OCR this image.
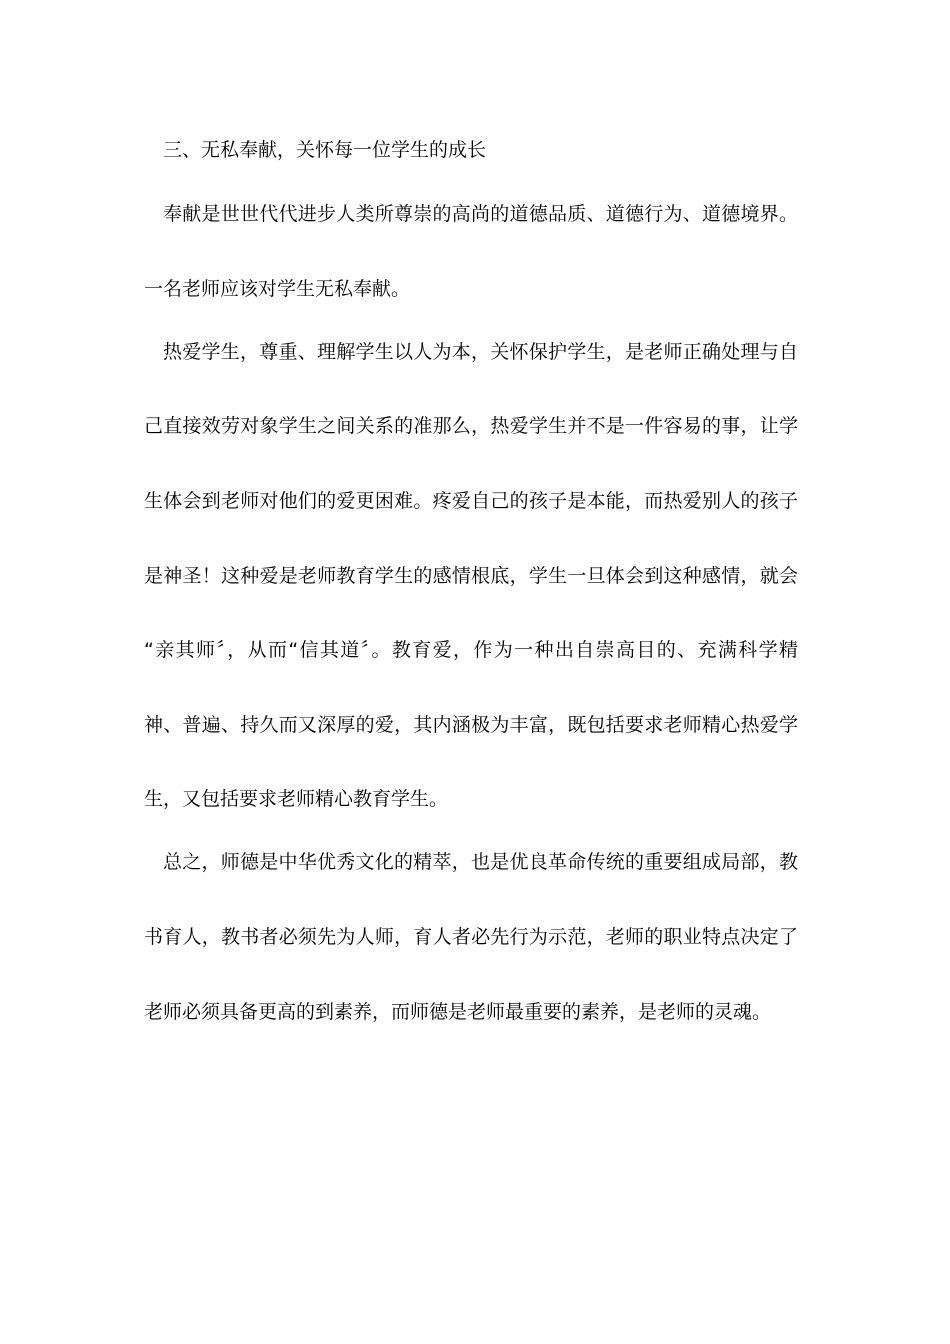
三、无私奉献，关怀每一位学生的成长
奉献是世世代代进步人类所尊崇的高尚的道德品质、道德行为、道德境界。
一名老师应该对学生无私奉献。
热爱学生，尊重、理解学生以人为本，关怀保护学生，是老师正确处理与自
己直接效劳对象学生之间关系的准那么，热爱学生并不是一件容易的事，让学
生体会到老师对他们的爱更困难。疼爱自己的孩子是本能，而热爱别人的孩子
是神圣！这种爱是老师教育学生的感情根底，学生一旦体会到这种感情，就会
“亲其师〞，从而“信其道〞。教育爱，作为一种出自崇高目的、充满科学精
神、普遍、持久而又深厚的爱，其内涵极为丰富，既包括要求老师精心热爱学
生，又包括要求老师精心教育学生。
总之，师德是中华优秀文化的精萃，也是优良革命传统的重要组成局部，教
书育人，教书者必须先为人师，育人者必先行为示范，老师的职业特点决定了
老师必须具备更高的到素养，而师德是老师最重要的素养，是老师的灵魂。
